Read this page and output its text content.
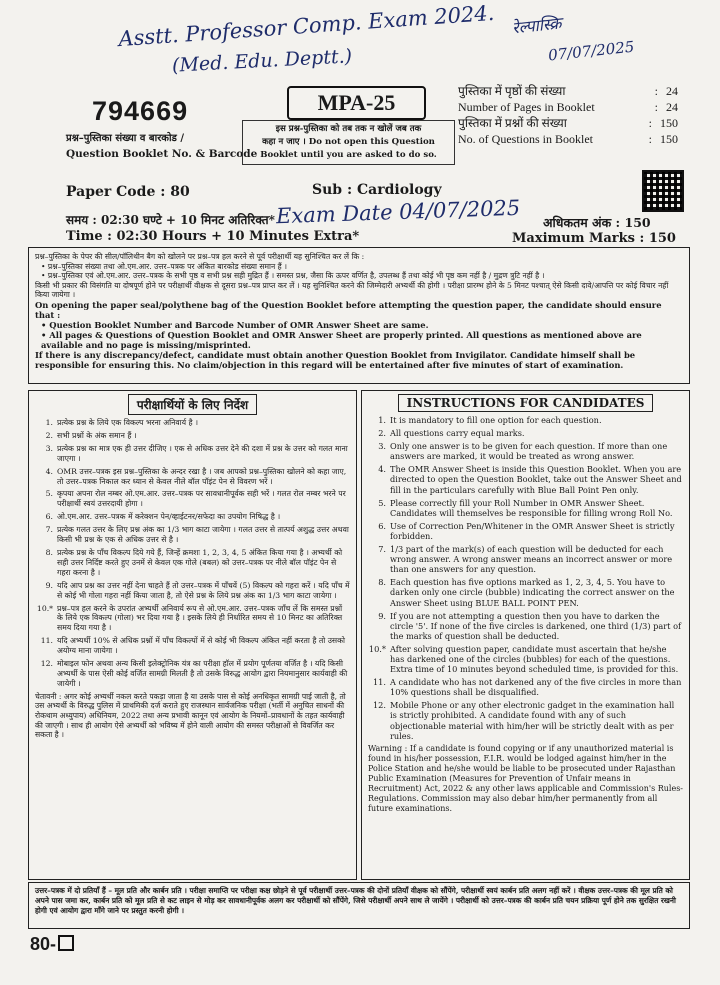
Asstt. Professor Comp. Exam 2024.
(Med. Edu. Deptt.)
रेल्पास्क्रि
07/07/2025
794669
प्रश्न–पुस्तिका संख्या व बारकोड /
Question Booklet No. & Barcode
MPA-25
इस प्रश्न-पुस्तिका को तब तक न खोलें जब तक
कहा न जाए । Do not open this Question
Booklet until you are asked to do so.
पुस्तिका में पृष्ठों की संख्या	: 24
Number of Pages in Booklet	: 24
पुस्तिका में प्रश्नों की संख्या	: 150
No. of Questions in Booklet	: 150
Paper Code : 80	Sub : Cardiology
समय : 02:30 घण्टे + 10 मिनट अतिरिक्त*
Time : 02:30 Hours + 10 Minutes Extra*
Exam Date 04/07/2025 अधिकतम अंक : 150
Maximum Marks : 150

प्रश्न–पुस्तिका के पेपर की सील/पॉलिथीन बैग को खोलने पर प्रश्न–पत्र हल करने से पूर्व परीक्षार्थी यह सुनिश्चित कर लें कि :

• प्रश्न–पुस्तिका संख्या तथा ओ.एम.आर. उत्तर–पत्रक पर अंकित बारकोड संख्या समान हैं ।

• प्रश्न–पुस्तिका एवं ओ.एम.आर. उत्तर–पत्रक के सभी पृष्ठ व सभी प्रश्न सही मुद्रित हैं । समस्त प्रश्न, जैसा कि ऊपर वर्णित है, उपलब्ध हैं तथा कोई भी पृष्ठ कम नहीं है / मुद्रण त्रुटि नहीं है ।

किसी भी प्रकार की विसंगति या दोषपूर्ण होने पर परीक्षार्थी वीक्षक से दूसरा प्रश्न–पत्र प्राप्त कर लें । यह सुनिश्चित करने की जिम्मेदारी अभ्यर्थी की होगी । परीक्षा प्रारम्भ होने के 5 मिनट पश्चात् ऐसे किसी दावे/आपत्ति पर कोई विचार नहीं किया जायेगा ।

On opening the paper seal/polythene bag of the Question Booklet before attempting the question paper, the candidate should ensure that :

• Question Booklet Number and Barcode Number of OMR Answer Sheet are same.

• All pages & Questions of Question Booklet and OMR Answer Sheet are properly printed. All questions as mentioned above are available and no page is missing/misprinted.

If there is any discrepancy/defect, candidate must obtain another Question Booklet from Invigilator. Candidate himself shall be responsible for ensuring this. No claim/objection in this regard will be entertained after five minutes of start of examination.

परीक्षार्थियों के लिए निर्देश
1. प्रत्येक प्रश्न के लिये एक विकल्प भरना अनिवार्य है ।
2. सभी प्रश्नों के अंक समान हैं ।
3. प्रत्येक प्रश्न का मात्र एक ही उत्तर दीजिए । एक से अधिक उत्तर देने की दशा में प्रश्न के उत्तर को गलत माना जाएगा ।
4. OMR उत्तर–पत्रक इस प्रश्न–पुस्तिका के अन्दर रखा है । जब आपको प्रश्न–पुस्तिका खोलने को कहा जाए, तो उत्तर–पत्रक निकाल कर ध्यान से केवल नीले बॉल पॉइंट पेन से विवरण भरें ।
5. कृपया अपना रोल नम्बर ओ.एम.आर. उत्तर–पत्रक पर सावधानीपूर्वक सही भरें । गलत रोल नम्बर भरने पर परीक्षार्थी स्वयं उत्तरदायी होगा ।
6. ओ.एम.आर. उत्तर–पत्रक में करेक्शन पेन/व्हाईटनर/सफेदा का उपयोग निषिद्ध है ।
7. प्रत्येक गलत उत्तर के लिए प्रश्न अंक का 1/3 भाग काटा जायेगा । गलत उत्तर से तात्पर्य अशुद्ध उत्तर अथवा किसी भी प्रश्न के एक से अधिक उत्तर से है ।
8. प्रत्येक प्रश्न के पाँच विकल्प दिये गये हैं, जिन्हें क्रमशः 1, 2, 3, 4, 5 अंकित किया गया है । अभ्यर्थी को सही उत्तर निर्दिष्ट करते हुए उनमें से केवल एक गोले (बबल) को उत्तर–पत्रक पर नीले बॉल पॉइंट पेन से गहरा करना है ।
9. यदि आप प्रश्न का उत्तर नहीं देना चाहते हैं तो उत्तर–पत्रक में पाँचवें (5) विकल्प को गहरा करें । यदि पाँच में से कोई भी गोला गहरा नहीं किया जाता है, तो ऐसे प्रश्न के लिये प्रश्न अंक का 1/3 भाग काटा जायेगा ।
10.* प्रश्न–पत्र हल करने के उपरांत अभ्यर्थी अनिवार्य रूप से ओ.एम.आर. उत्तर–पत्रक जाँच लें कि समस्त प्रश्नों के लिये एक विकल्प (गोला) भर दिया गया है । इसके लिये ही निर्धारित समय से 10 मिनट का अतिरिक्त समय दिया गया है ।
11. यदि अभ्यर्थी 10% से अधिक प्रश्नों में पाँच विकल्पों में से कोई भी विकल्प अंकित नहीं करता है तो उसको अयोग्य माना जायेगा ।
12. मोबाइल फोन अथवा अन्य किसी इलेक्ट्रोनिक यंत्र का परीक्षा हॉल में प्रयोग पूर्णतया वर्जित है । यदि किसी अभ्यर्थी के पास ऐसी कोई वर्जित सामग्री मिलती है तो उसके विरुद्ध आयोग द्वारा नियमानुसार कार्यवाही की जायेगी ।
चेतावनी : अगर कोई अभ्यर्थी नकल करते पकड़ा जाता है या उसके पास से कोई अनधिकृत सामग्री पाई जाती है, तो उस अभ्यर्थी के विरुद्ध पुलिस में प्राथमिकी दर्ज कराते हुए राजस्थान सार्वजनिक परीक्षा (भर्ती में अनुचित साधनों की रोकथाम अध्युपाय) अधिनियम, 2022 तथा अन्य प्रभावी कानून एवं आयोग के नियमों–प्रावधानों के तहत कार्यवाही की जाएगी । साथ ही आयोग ऐसे अभ्यर्थी को भविष्य में होने वाली आयोग की समस्त परीक्षाओं से विवर्जित कर सकता है ।
INSTRUCTIONS FOR CANDIDATES
1. It is mandatory to fill one option for each question.
2. All questions carry equal marks.
3. Only one answer is to be given for each question. If more than one answers are marked, it would be treated as wrong answer.
4. The OMR Answer Sheet is inside this Question Booklet. When you are directed to open the Question Booklet, take out the Answer Sheet and fill in the particulars carefully with Blue Ball Point Pen only.
5. Please correctly fill your Roll Number in OMR Answer Sheet. Candidates will themselves be responsible for filling wrong Roll No.
6. Use of Correction Pen/Whitener in the OMR Answer Sheet is strictly forbidden.
7. 1/3 part of the mark(s) of each question will be deducted for each wrong answer. A wrong answer means an incorrect answer or more than one answers for any question.
8. Each question has five options marked as 1, 2, 3, 4, 5. You have to darken only one circle (bubble) indicating the correct answer on the Answer Sheet using BLUE BALL POINT PEN.
9. If you are not attempting a question then you have to darken the circle '5'. If none of the five circles is darkened, one third (1/3) part of the marks of question shall be deducted.
10.* After solving question paper, candidate must ascertain that he/she has darkened one of the circles (bubbles) for each of the questions. Extra time of 10 minutes beyond scheduled time, is provided for this.
11. A candidate who has not darkened any of the five circles in more than 10% questions shall be disqualified.
12. Mobile Phone or any other electronic gadget in the examination hall is strictly prohibited. A candidate found with any of such objectionable material with him/her will be strictly dealt with as per rules.
Warning : If a candidate is found copying or if any unauthorized material is found in his/her possession, F.I.R. would be lodged against him/her in the Police Station and he/she would be liable to be prosecuted under Rajasthan Public Examination (Measures for Prevention of Unfair means in Recruitment) Act, 2022 & any other laws applicable and Commission's Rules-Regulations. Commission may also debar him/her permanently from all future examinations.
उत्तर–पत्रक में दो प्रतियाँ हैं – मूल प्रति और कार्बन प्रति । परीक्षा समाप्ति पर परीक्षा कक्ष छोड़ने से पूर्व परीक्षार्थी उत्तर–पत्रक की दोनों प्रतियाँ वीक्षक को सौंपेंगे, परीक्षार्थी स्वयं कार्बन प्रति अलग नहीं करें । वीक्षक उत्तर–पत्रक की मूल प्रति को अपने पास जमा कर, कार्बन प्रति को मूल प्रति से कट लाइन से मोड़ कर सावधानीपूर्वक अलग कर परीक्षार्थी को सौंपेंगे, जिसे परीक्षार्थी अपने साथ ले जायेंगे । परीक्षार्थी को उत्तर–पत्रक की कार्बन प्रति चयन प्रक्रिया पूर्ण होने तक सुरक्षित रखनी होगी एवं आयोग द्वारा माँगे जाने पर प्रस्तुत करनी होगी ।
80-
